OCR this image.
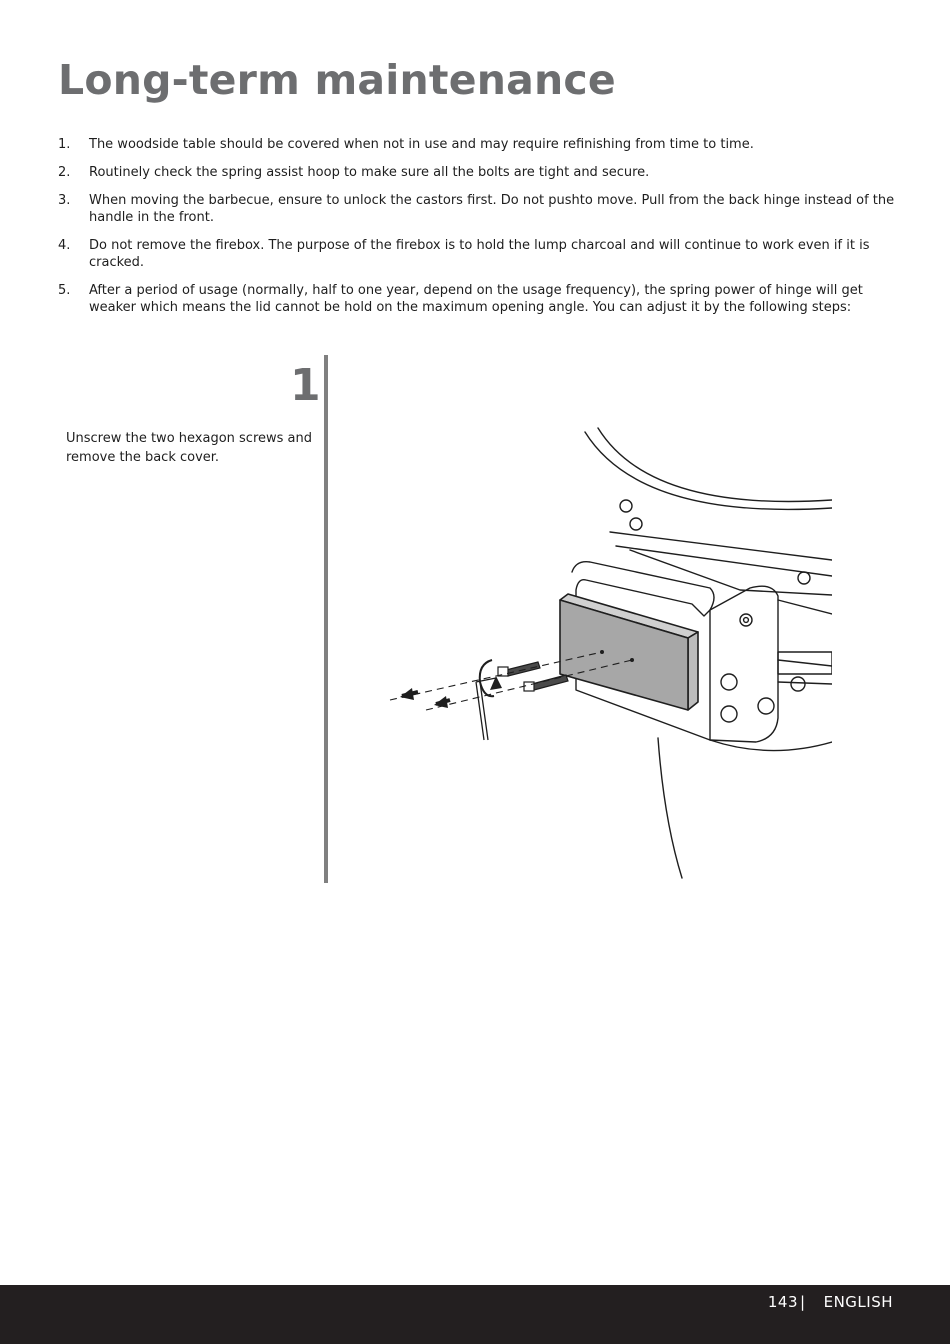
Long-term maintenance
1. The woodside table should be covered when not in use and may require refinishing from time to time.
2. Routinely check the spring assist hoop to make sure all the bolts are tight and secure.
3. When moving the barbecue, ensure to unlock the castors first. Do not pushto move. Pull from the back hinge instead of the handle in the front.
4. Do not remove the firebox. The purpose of the firebox is to hold the lump charcoal and will continue to work even if it is cracked.
5. After a period of usage (normally, half to one year, depend on the usage frequency), the spring power of hinge will get weaker which means the lid cannot be hold on the maximum opening angle. You can adjust it by the following steps:
1

Unscrew the two hexagon screws and remove the back cover.

143 | ENGLISH
